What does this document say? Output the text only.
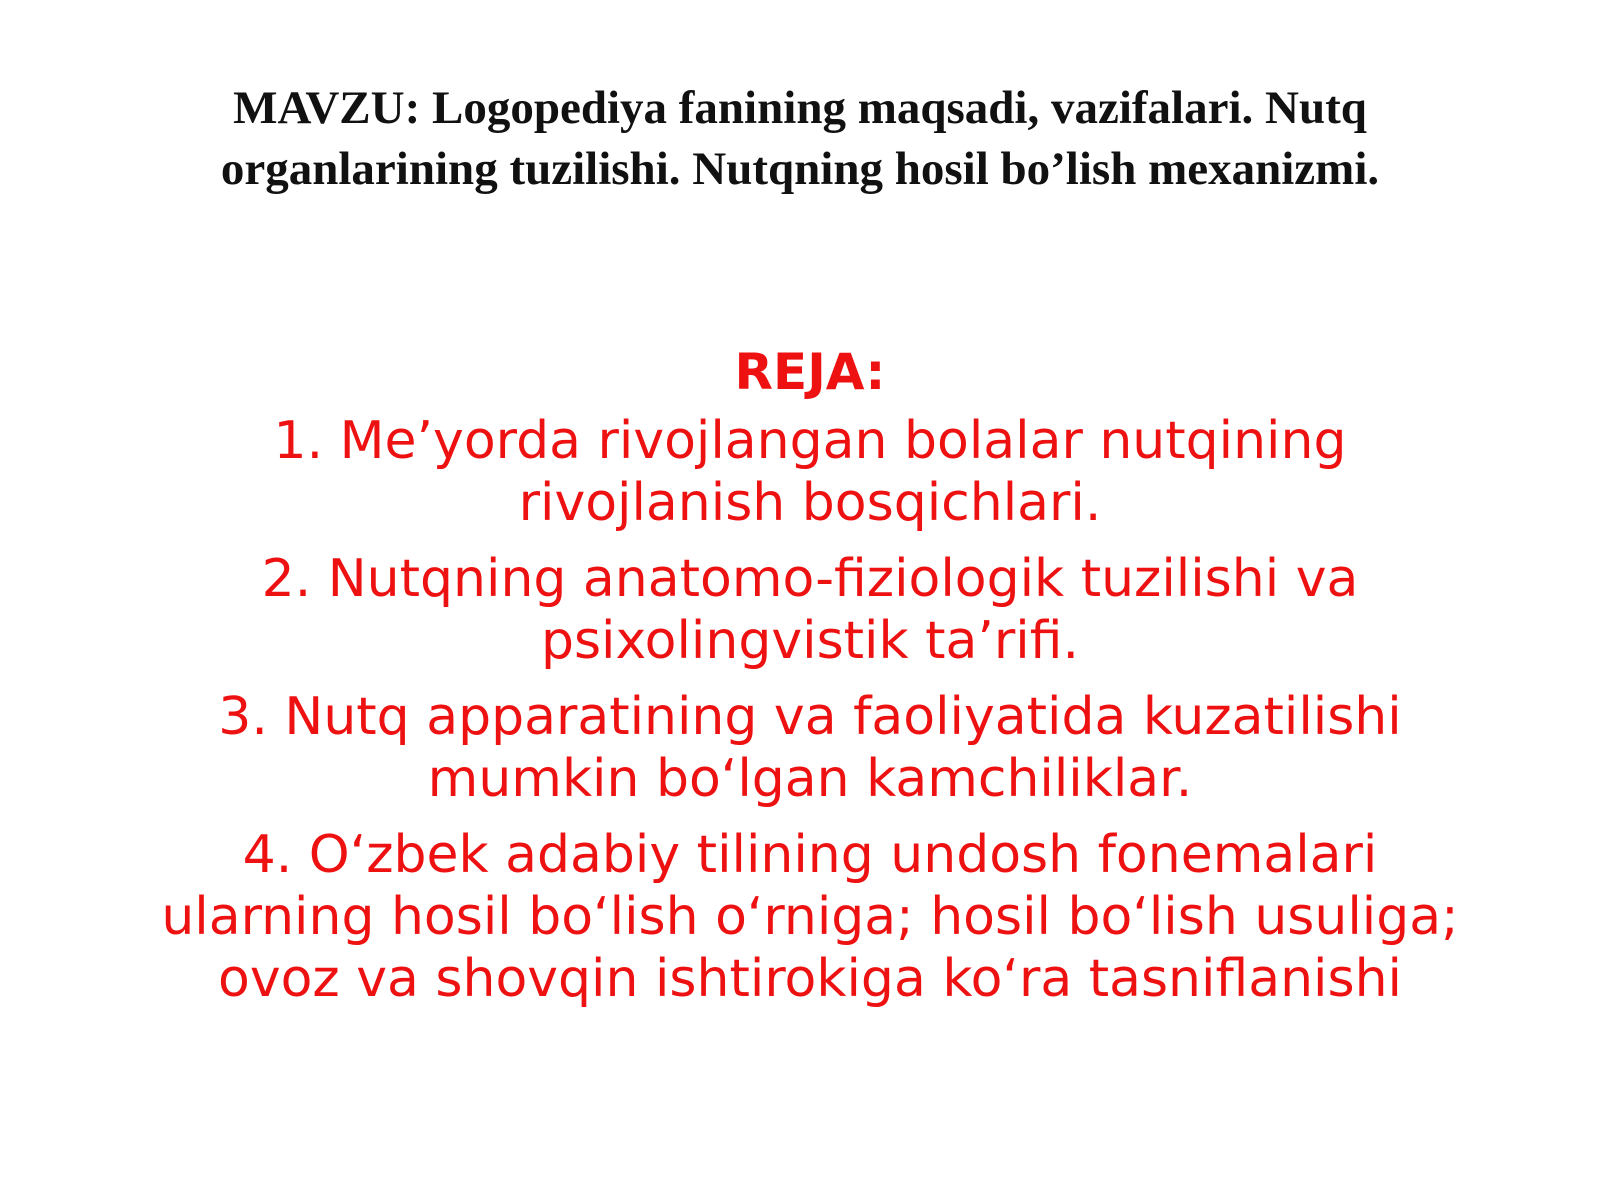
MAVZU: Logopediya fanining maqsadi, vazifalari. Nutq organlarining tuzilishi. Nutqning hosil bo’lish mexanizmi.
REJA:
1. Me’yorda rivojlangan bolalar nutqining rivojlanish bosqichlari.
2. Nutqning anatomo-fiziologik tuzilishi va psixolingvistik ta’rifi.
3. Nutq apparatining va faoliyatida kuzatilishi mumkin bo‘lgan kamchiliklar.
4. O‘zbek adabiy tilining undosh fonemalari ularning hosil bo‘lish o‘rniga; hosil bo‘lish usuliga; ovoz va shovqin ishtirokiga ko‘ra tasniflanishi
